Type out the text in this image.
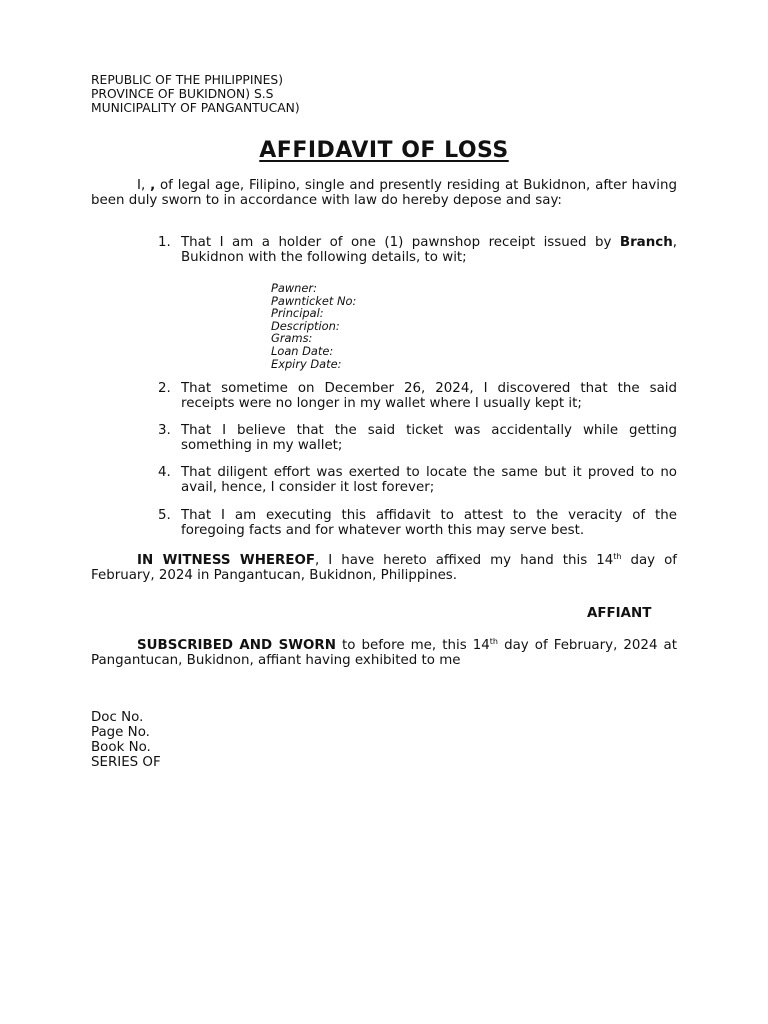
REPUBLIC OF THE PHILIPPINES)
PROVINCE OF BUKIDNON) S.S
MUNICIPALITY OF PANGANTUCAN)
AFFIDAVIT OF LOSS
I, , of legal age, Filipino, single and presently residing at Bukidnon, after having been duly sworn to in accordance with law do hereby depose and say:
1. That I am a holder of one (1) pawnshop receipt issued by Branch, Bukidnon with the following details, to wit;
Pawner:
Pawnticket No:
Principal:
Description:
Grams:
Loan Date:
Expiry Date:
2. That sometime on December 26, 2024, I discovered that the said receipts were no longer in my wallet where I usually kept it;
3. That I believe that the said ticket was accidentally while getting something in my wallet;
4. That diligent effort was exerted to locate the same but it proved to no avail, hence, I consider it lost forever;
5. That I am executing this affidavit to attest to the veracity of the foregoing facts and for whatever worth this may serve best.
IN WITNESS WHEREOF, I have hereto affixed my hand this 14th day of February, 2024 in Pangantucan, Bukidnon, Philippines.
AFFIANT
SUBSCRIBED AND SWORN to before me, this 14th day of February, 2024 at Pangantucan, Bukidnon, affiant having exhibited to me
Doc No.
Page No.
Book No.
SERIES OF
